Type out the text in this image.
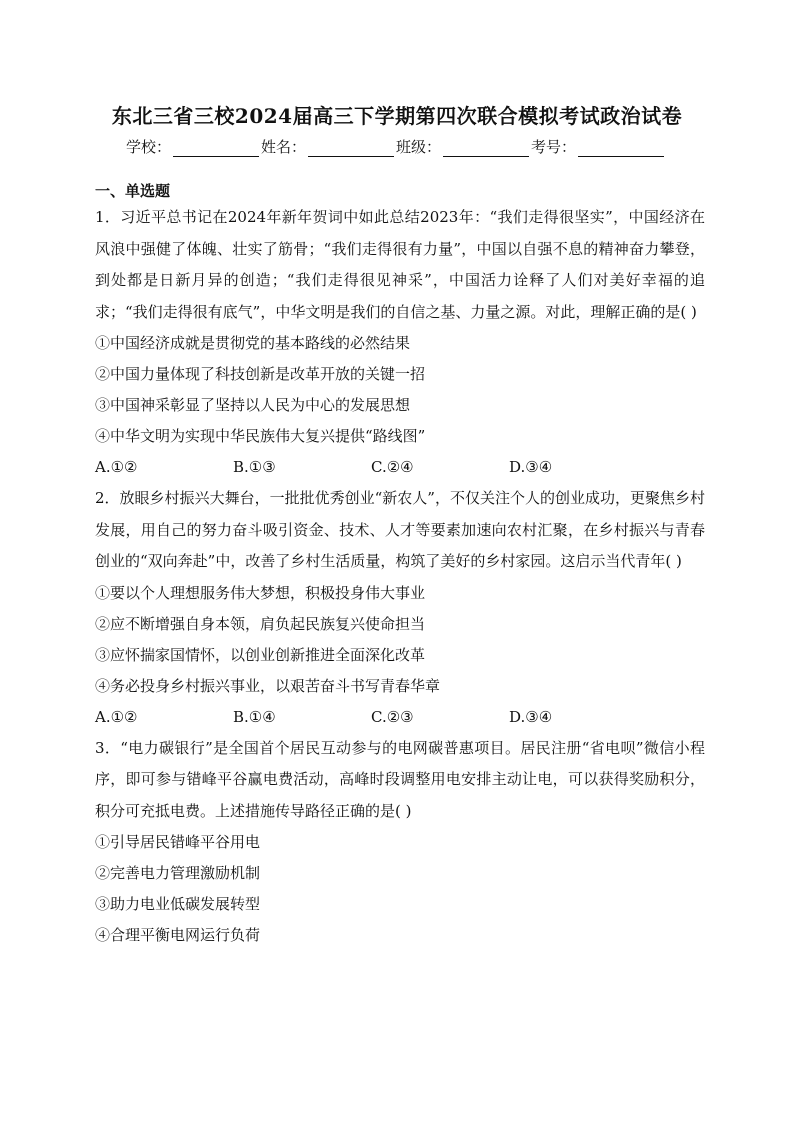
东北三省三校2024届高三下学期第四次联合模拟考试政治试卷
学校：	姓名：	班级：	考号：
一、单选题
1．习近平总书记在2024年新年贺词中如此总结2023年：“我们走得很坚实”，中国经济在风浪中强健了体魄、壮实了筋骨；“我们走得很有力量”，中国以自强不息的精神奋力攀登，到处都是日新月异的创造；“我们走得很见神采”，中国活力诠释了人们对美好幸福的追求；“我们走得很有底气”，中华文明是我们的自信之基、力量之源。对此，理解正确的是( )
①中国经济成就是贯彻党的基本路线的必然结果
②中国力量体现了科技创新是改革开放的关键一招
③中国神采彰显了坚持以人民为中心的发展思想
④中华文明为实现中华民族伟大复兴提供“路线图”
A.①②	B.①③	C.②④	D.③④
2．放眼乡村振兴大舞台，一批批优秀创业“新农人”，不仅关注个人的创业成功，更聚焦乡村发展，用自己的努力奋斗吸引资金、技术、人才等要素加速向农村汇聚，在乡村振兴与青春创业的“双向奔赴”中，改善了乡村生活质量，构筑了美好的乡村家园。这启示当代青年( )
①要以个人理想服务伟大梦想，积极投身伟大事业
②应不断增强自身本领，肩负起民族复兴使命担当
③应怀揣家国情怀，以创业创新推进全面深化改革
④务必投身乡村振兴事业，以艰苦奋斗书写青春华章
A.①②	B.①④	C.②③	D.③④
3．“电力碳银行”是全国首个居民互动参与的电网碳普惠项目。居民注册“省电呗”微信小程序，即可参与错峰平谷赢电费活动，高峰时段调整用电安排主动让电，可以获得奖励积分，积分可充抵电费。上述措施传导路径正确的是( )
①引导居民错峰平谷用电
②完善电力管理激励机制
③助力电业低碳发展转型
④合理平衡电网运行负荷
